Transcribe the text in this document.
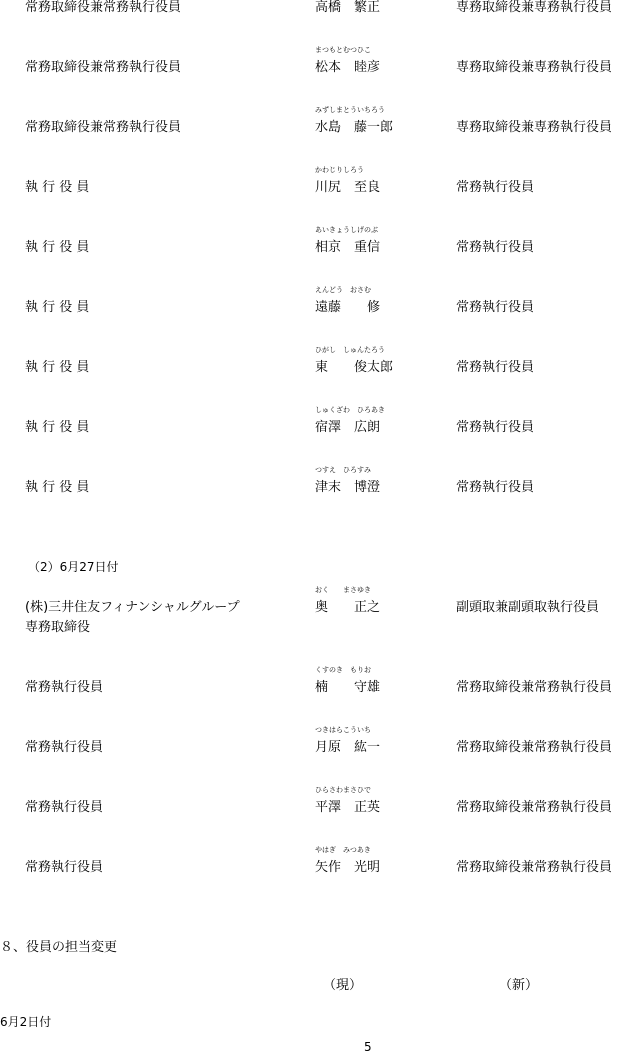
常務取締役兼常務執行役員	高橋　繁正	専務取締役兼専務執行役員
まつもとむつひこ
常務取締役兼常務執行役員	松本　睦彦	専務取締役兼専務執行役員
みずしまとういちろう
常務取締役兼常務執行役員	水島　藤一郎	専務取締役兼専務執行役員
かわじりしろう
執 行 役 員	川尻　至良	常務執行役員
あいきょうしげのぶ
執 行 役 員	相京　重信	常務執行役員
えんどう　おさむ
執 行 役 員	遠藤　　修	常務執行役員
ひがし　しゅんたろう
執 行 役 員	東　　俊太郎	常務執行役員
しゅくざわ　ひろあき
執 行 役 員	宿澤　広朗	常務執行役員
つすえ　ひろすみ
執 行 役 員	津末　博澄	常務執行役員
（2）6月27日付
おく　　まさゆき
(株)三井住友フィナンシャルグループ
専務取締役
奥　　正之	副頭取兼副頭取執行役員
くすのき　もりお
常務執行役員	楠　　守雄	常務取締役兼常務執行役員
つきはらこういち
常務執行役員	月原　紘一	常務取締役兼常務執行役員
ひらさわまさひで
常務執行役員	平澤　正英	常務取締役兼常務執行役員
やはぎ　みつあき
常務執行役員	矢作　光明	常務取締役兼常務執行役員
８、役員の担当変更
（現）	（新）
6月2日付
5
